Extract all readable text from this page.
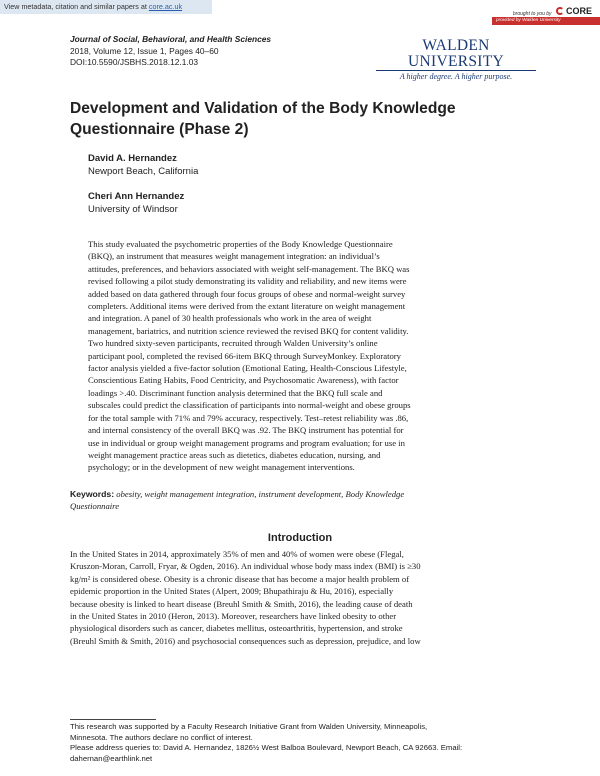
View metadata, citation and similar papers at core.ac.uk
brought to you by CORE
provided by Walden University
Journal of Social, Behavioral, and Health Sciences
2018, Volume 12, Issue 1, Pages 40–60
DOI:10.5590/JSBHS.2018.12.1.03
WALDEN UNIVERSITY
A higher degree. A higher purpose.
Development and Validation of the Body Knowledge
Questionnaire (Phase 2)
David A. Hernandez
Newport Beach, California
Cheri Ann Hernandez
University of Windsor
This study evaluated the psychometric properties of the Body Knowledge Questionnaire
(BKQ), an instrument that measures weight management integration: an individual’s
attitudes, preferences, and behaviors associated with weight self-management. The BKQ was
revised following a pilot study demonstrating its validity and reliability, and new items were
added based on data gathered through four focus groups of obese and normal-weight survey
completers. Additional items were derived from the extant literature on weight management
and integration. A panel of 30 health professionals who work in the area of weight
management, bariatrics, and nutrition science reviewed the revised BKQ for content validity.
Two hundred sixty-seven participants, recruited through Walden University’s online
participant pool, completed the revised 66-item BKQ through SurveyMonkey. Exploratory
factor analysis yielded a five-factor solution (Emotional Eating, Health-Conscious Lifestyle,
Conscientious Eating Habits, Food Centricity, and Psychosomatic Awareness), with factor
loadings >.40. Discriminant function analysis determined that the BKQ full scale and
subscales could predict the classification of participants into normal-weight and obese groups
for the total sample with 71% and 79% accuracy, respectively. Test–retest reliability was .86,
and internal consistency of the overall BKQ was .92. The BKQ instrument has potential for
use in individual or group weight management programs and program evaluation; for use in
weight management practice areas such as dietetics, diabetes education, nursing, and
psychology; or in the development of new weight management interventions.
Keywords: obesity, weight management integration, instrument development, Body Knowledge
Questionnaire
Introduction
In the United States in 2014, approximately 35% of men and 40% of women were obese (Flegal,
Kruszon-Moran, Carroll, Fryar, & Ogden, 2016). An individual whose body mass index (BMI) is ≥30
kg/m² is considered obese. Obesity is a chronic disease that has become a major health problem of
epidemic proportion in the United States (Alpert, 2009; Bhupathiraju & Hu, 2016), especially
because obesity is linked to heart disease (Breuhl Smith & Smith, 2016), the leading cause of death
in the United States in 2010 (Heron, 2013). Moreover, researchers have linked obesity to other
physiological disorders such as cancer, diabetes mellitus, osteoarthritis, hypertension, and stroke
(Breuhl Smith & Smith, 2016) and psychosocial consequences such as depression, prejudice, and low
This research was supported by a Faculty Research Initiative Grant from Walden University, Minneapolis,
Minnesota. The authors declare no conflict of interest.
Please address queries to: David A. Hernandez, 1826½ West Balboa Boulevard, Newport Beach, CA 92663. Email:
dahernan@earthlink.net
